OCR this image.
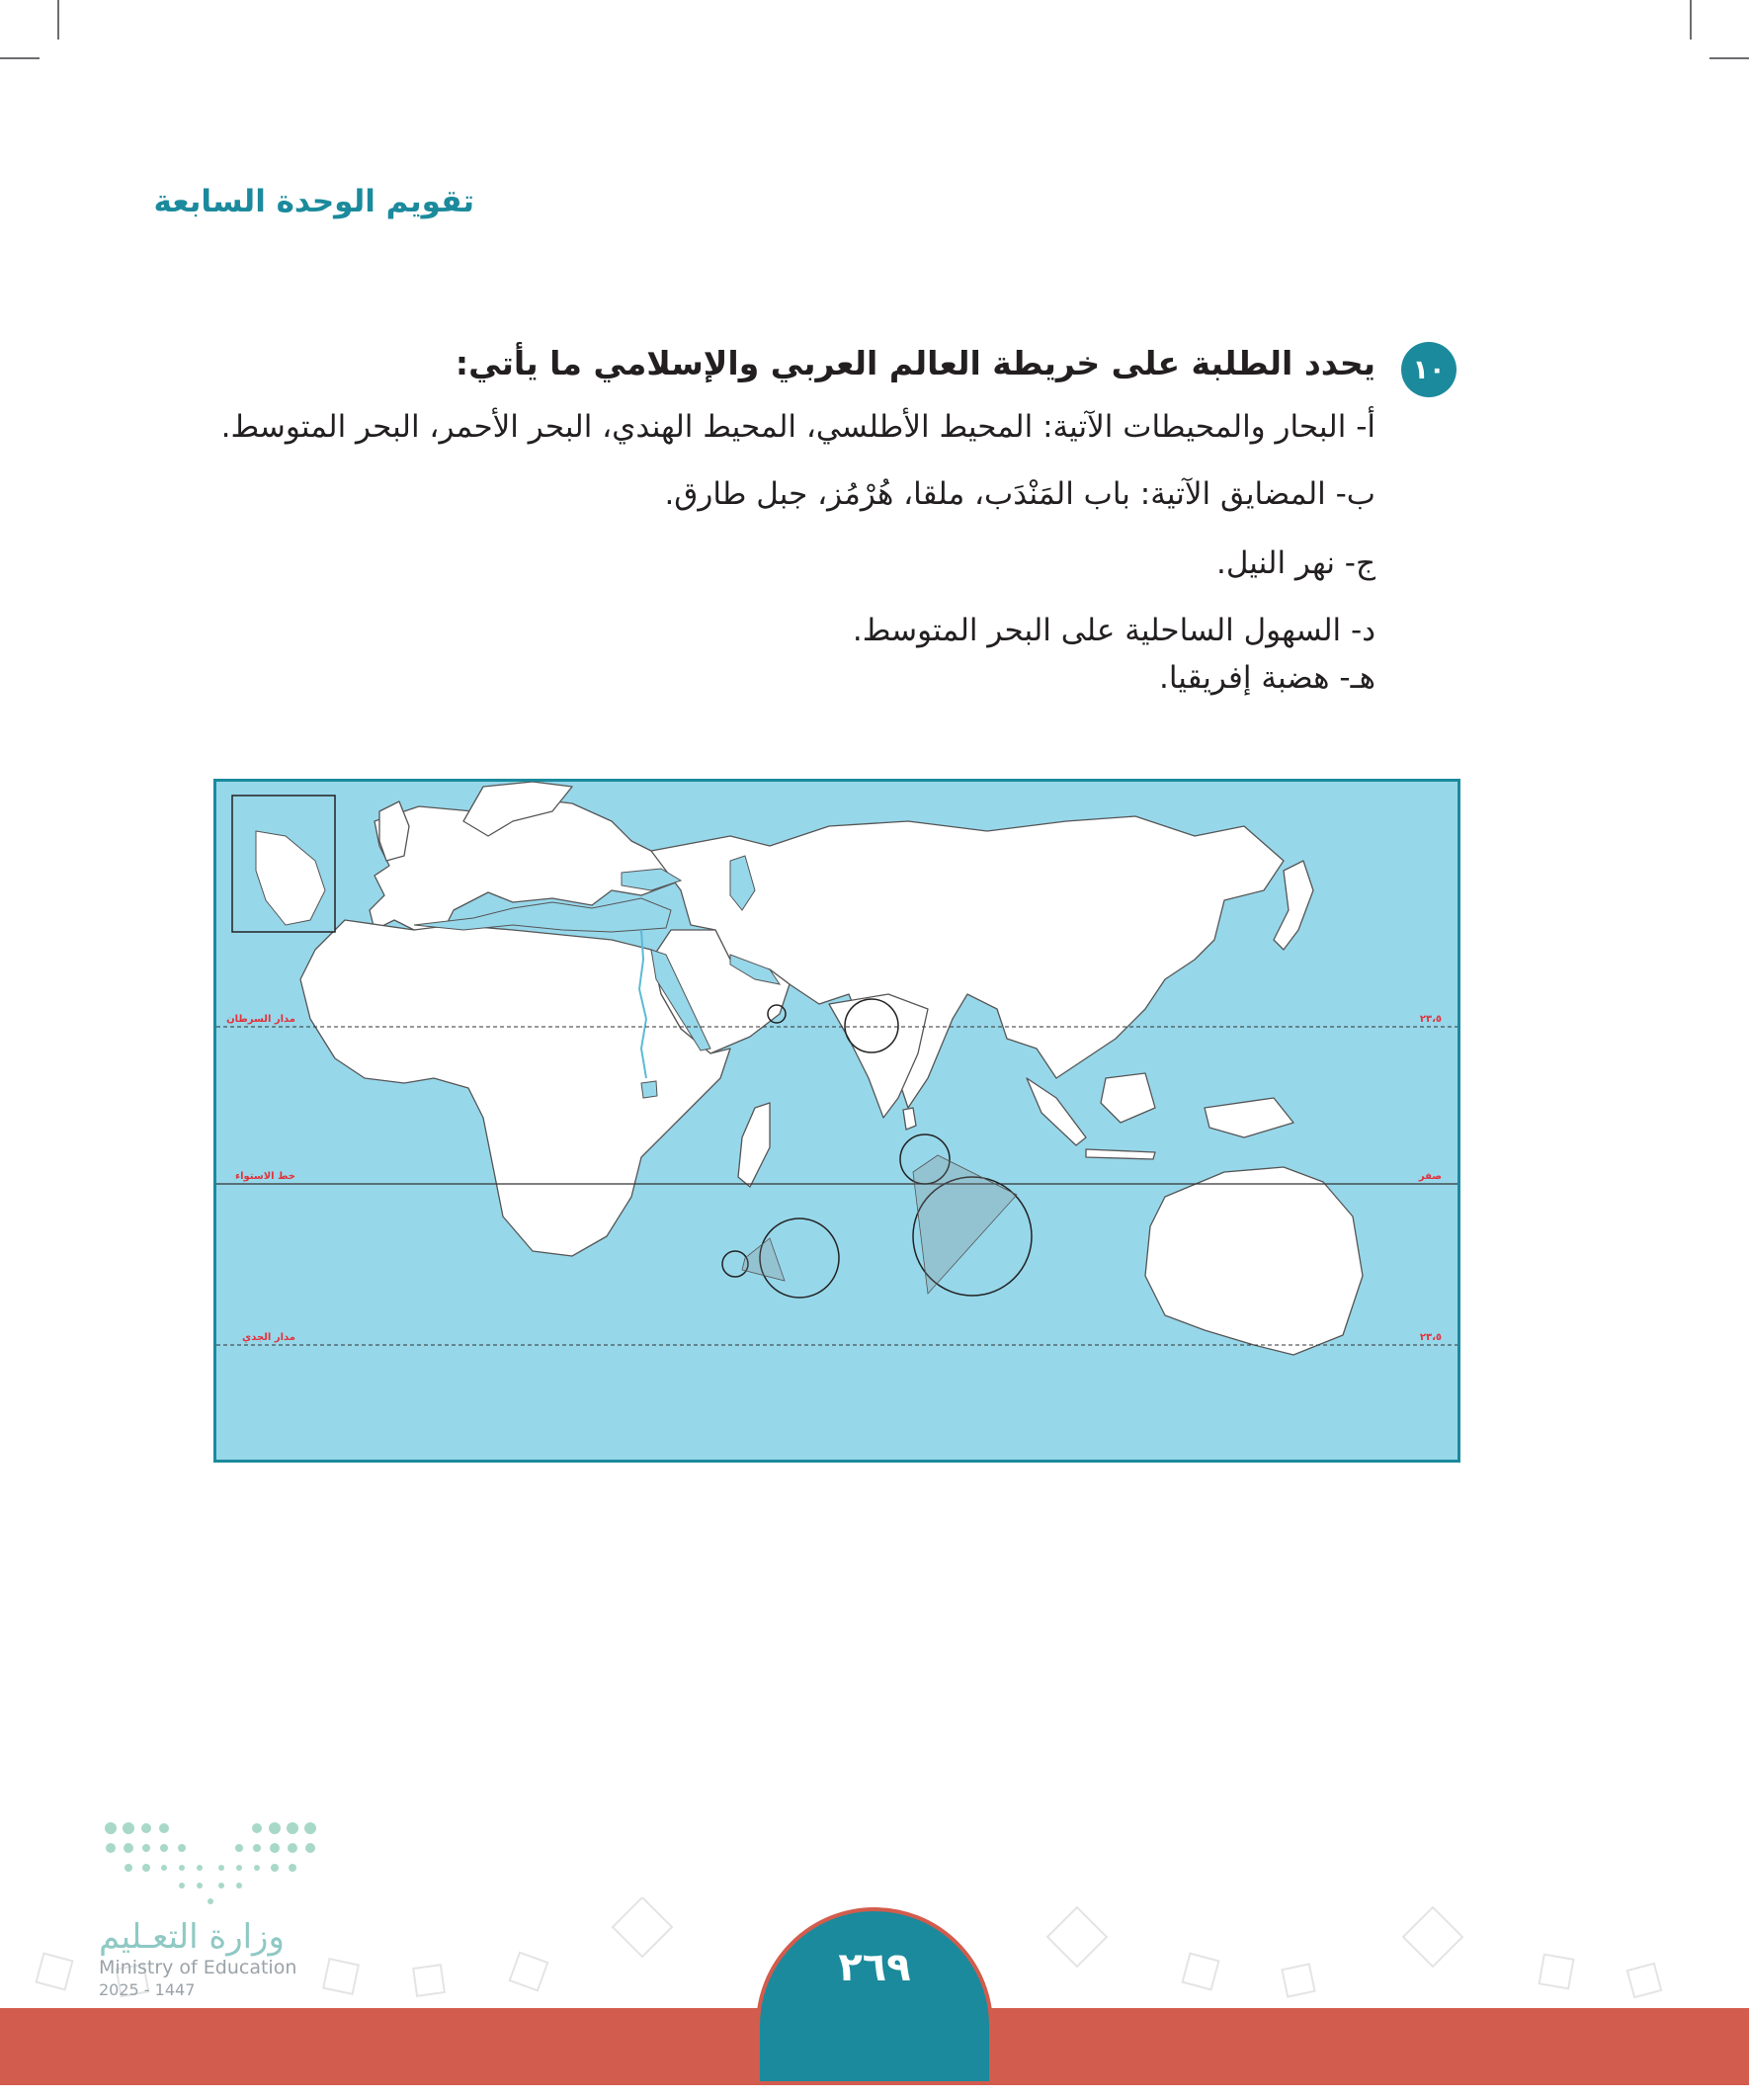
تقويم الوحدة السابعة
١٠
يحدد الطلبة على خريطة العالم العربي والإسلامي ما يأتي:
أ- البحار والمحيطات الآتية: المحيط الأطلسي، المحيط الهندي، البحر الأحمر، البحر المتوسط.
ب- المضايق الآتية: باب المَنْدَب، ملقا، هُرْمُز، جبل طارق.
ج- نهر النيل.
د- السهول الساحلية على البحر المتوسط.
هـ- هضبة إفريقيا.
مدار السرطان	٢٣،٥
خط الاستواء	صفر
مدار الجدي	٢٣،٥
وزارة التعـليم
Ministry of Education
2025 - 1447	٢٦٩
